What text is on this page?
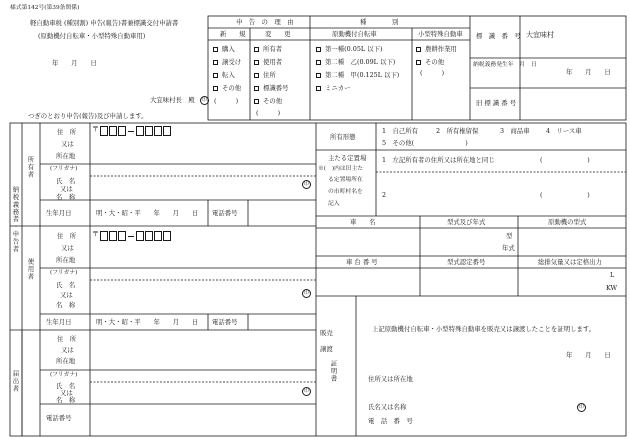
様式第142号(第39条関係)
軽自動車税 (種別割) 申告(報告)書兼標識交付申請書
(原動機付自転車・小型特殊自動車用)
年　　月　　日
大宜味村長　殿	印
つぎのとおり申告(報告)及び申請します。
申　告　の　理　由
新　　規	変　　更
購入
譲受け
転入
その他
(　　　)
所有者
使用者
住所
標識番号
その他
(　　　)
種　　　　別
原動機付自転車	小型特殊自動車
第一種(0.05L 以下)
第二種　乙(0.09L 以下)
第二種　甲(0.125L 以下)
ミニカー
農耕作業用
その他
(　　　)
標　識　番　号 大宜味村
納税義務発生年　月　日
年　　月　　日
旧 標 識 番 号
納税義務者・申告者
所有者
使用者
届出者
住　所
又は
所在地
〒
(フリガナ)
氏　名
又は
名　称
印
生年月日	明・大・昭・平　　年　　月　　日 電話番号
住　所
又は
所在地
〒
(フリガナ)
氏　名
又は
名　称
印
生年月日	明・大・昭・平　　年　　月　　日 電話番号
住　所
又は
所在地
(フリガナ)
氏　名
又は
名　称
印
電話番号
所有形態
1　自己所有	2　所有権留保	3　商品車	4　リース車
5　その他(　　　　　　　　)
主たる定置場
※(　)内は旧主た
る定置場所在
の市町村名を
記入
1　左記所有者の住所又は所在地と同じ	(　　　　　　　)
2	(　　　　　　　)
車　　名	型式及び年式	原動機の型式
型
年式
車 台 番 号	型式認定番号	総排気量又は定格出力
L
KW
販売
譲渡
証明書
上記原動機付自転車・小型特殊自動車を販売又は譲渡したことを証明します。
年　　月　　日
住所又は所在地
氏名又は名称	印
電　話　番　号
